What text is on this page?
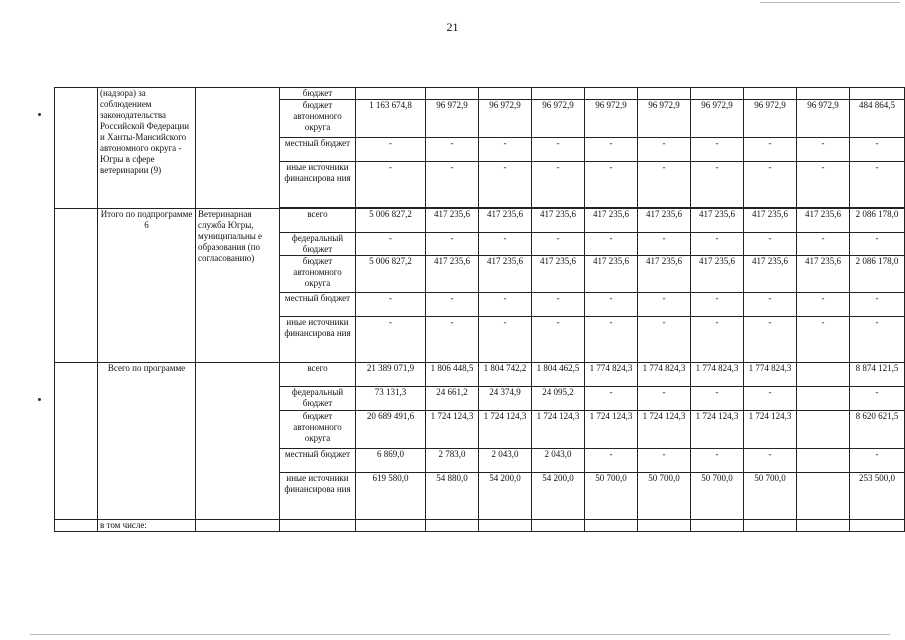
21
	(надзора) за соблюдением законодательства Российской Федерации и Ханты-Мансийского автономного округа - Югры в сфере ветеринарии (9)		бюджет										
			бюджет автономного округа	1 163 674,8	96 972,9	96 972,9	96 972,9	96 972,9	96 972,9	96 972,9	96 972,9	96 972,9	484 864,5
			местный бюджет	-	-	-	-	-	-	-	-	-	-
			иные источники финансирова ния	-	-	-	-	-	-	-	-	-	-

	Итого по подпрограмме 6	Ветеринарная служба Югры, муниципальны е образования (по согласованию)	всего	5 006 827,2	417 235,6	417 235,6	417 235,6	417 235,6	417 235,6	417 235,6	417 235,6	417 235,6	2 086 178,0
			федеральный бюджет	-	-	-	-	-	-	-	-	-	-
			бюджет автономного округа	5 006 827,2	417 235,6	417 235,6	417 235,6	417 235,6	417 235,6	417 235,6	417 235,6	417 235,6	2 086 178,0
			местный бюджет	-	-	-	-	-	-	-	-	-	-
			иные источники финансирова ния	-	-	-	-	-	-	-	-	-	-
	Всего по программе		всего	21 389 071,9	1 806 448,5	1 804 742,2	1 804 462,5	1 774 824,3	1 774 824,3	1 774 824,3	1 774 824,3		8 874 121,5
			федеральный бюджет	73 131,3	24 661,2	24 374,9	24 095,2	-	-	-	-		-
			бюджет автономного округа	20 689 491,6	1 724 124,3	1 724 124,3	1 724 124,3	1 724 124,3	1 724 124,3	1 724 124,3	1 724 124,3		8 620 621,5
			местный бюджет	6 869,0	2 783,0	2 043,0	2 043,0	-	-	-	-		-
			иные источники финансирова ния	619 580,0	54 880,0	54 200,0	54 200,0	50 700,0	50 700,0	50 700,0	50 700,0		253 500,0
	в том числе:												
